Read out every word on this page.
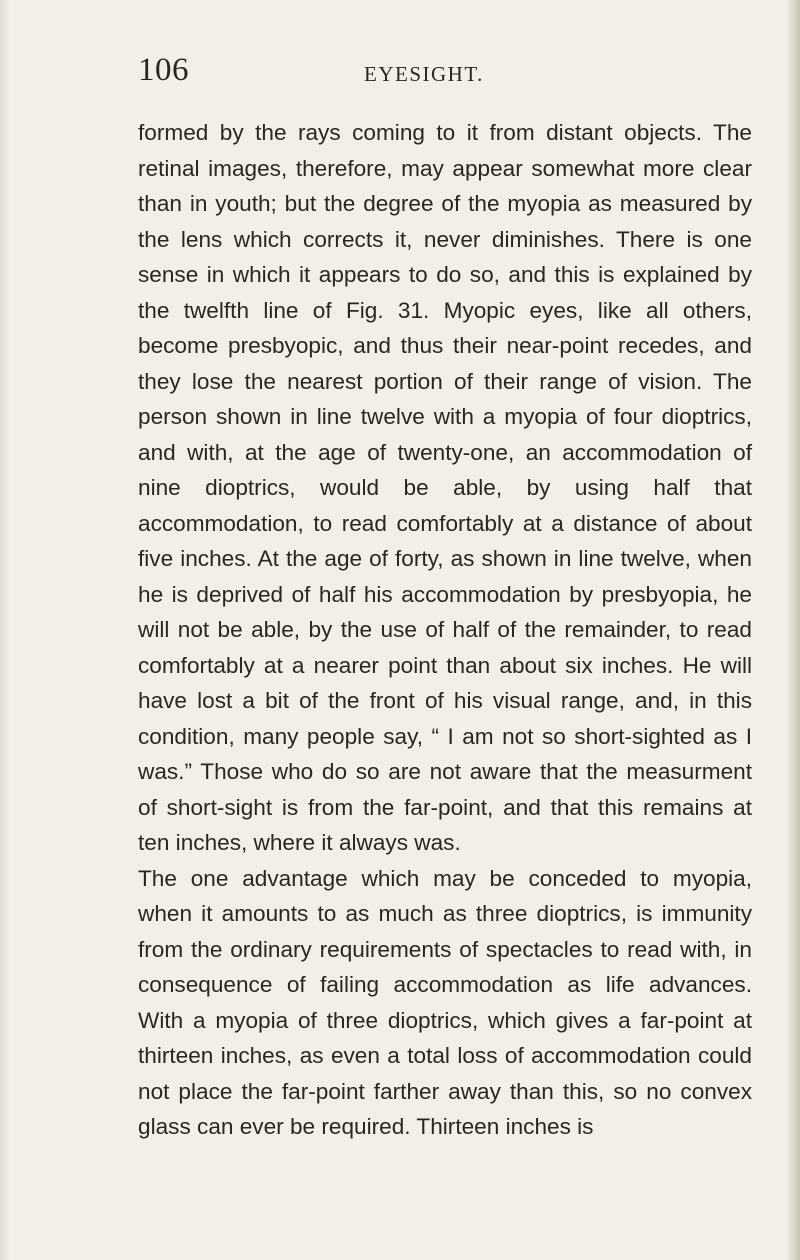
106	EYESIGHT.

formed by the rays coming to it from distant objects. The retinal images, therefore, may appear somewhat more clear than in youth; but the degree of the myopia as measured by the lens which corrects it, never diminishes. There is one sense in which it appears to do so, and this is explained by the twelfth line of Fig. 31. Myopic eyes, like all others, become presbyopic, and thus their near-point recedes, and they lose the nearest portion of their range of vision. The person shown in line twelve with a myopia of four dioptrics, and with, at the age of twenty-one, an accommodation of nine dioptrics, would be able, by using half that accommodation, to read comfortably at a distance of about five inches. At the age of forty, as shown in line twelve, when he is deprived of half his accommodation by presbyopia, he will not be able, by the use of half of the remainder, to read comfortably at a nearer point than about six inches. He will have lost a bit of the front of his visual range, and, in this condition, many people say, “ I am not so short-sighted as I was.” Those who do so are not aware that the measurment of short-sight is from the far-point, and that this remains at ten inches, where it always was.

The one advantage which may be conceded to myopia, when it amounts to as much as three dioptrics, is immunity from the ordinary requirements of spectacles to read with, in consequence of failing accommodation as life advances. With a myopia of three dioptrics, which gives a far-point at thirteen inches, as even a total loss of accommodation could not place the far-point farther away than this, so no convex glass can ever be required. Thirteen inches is
